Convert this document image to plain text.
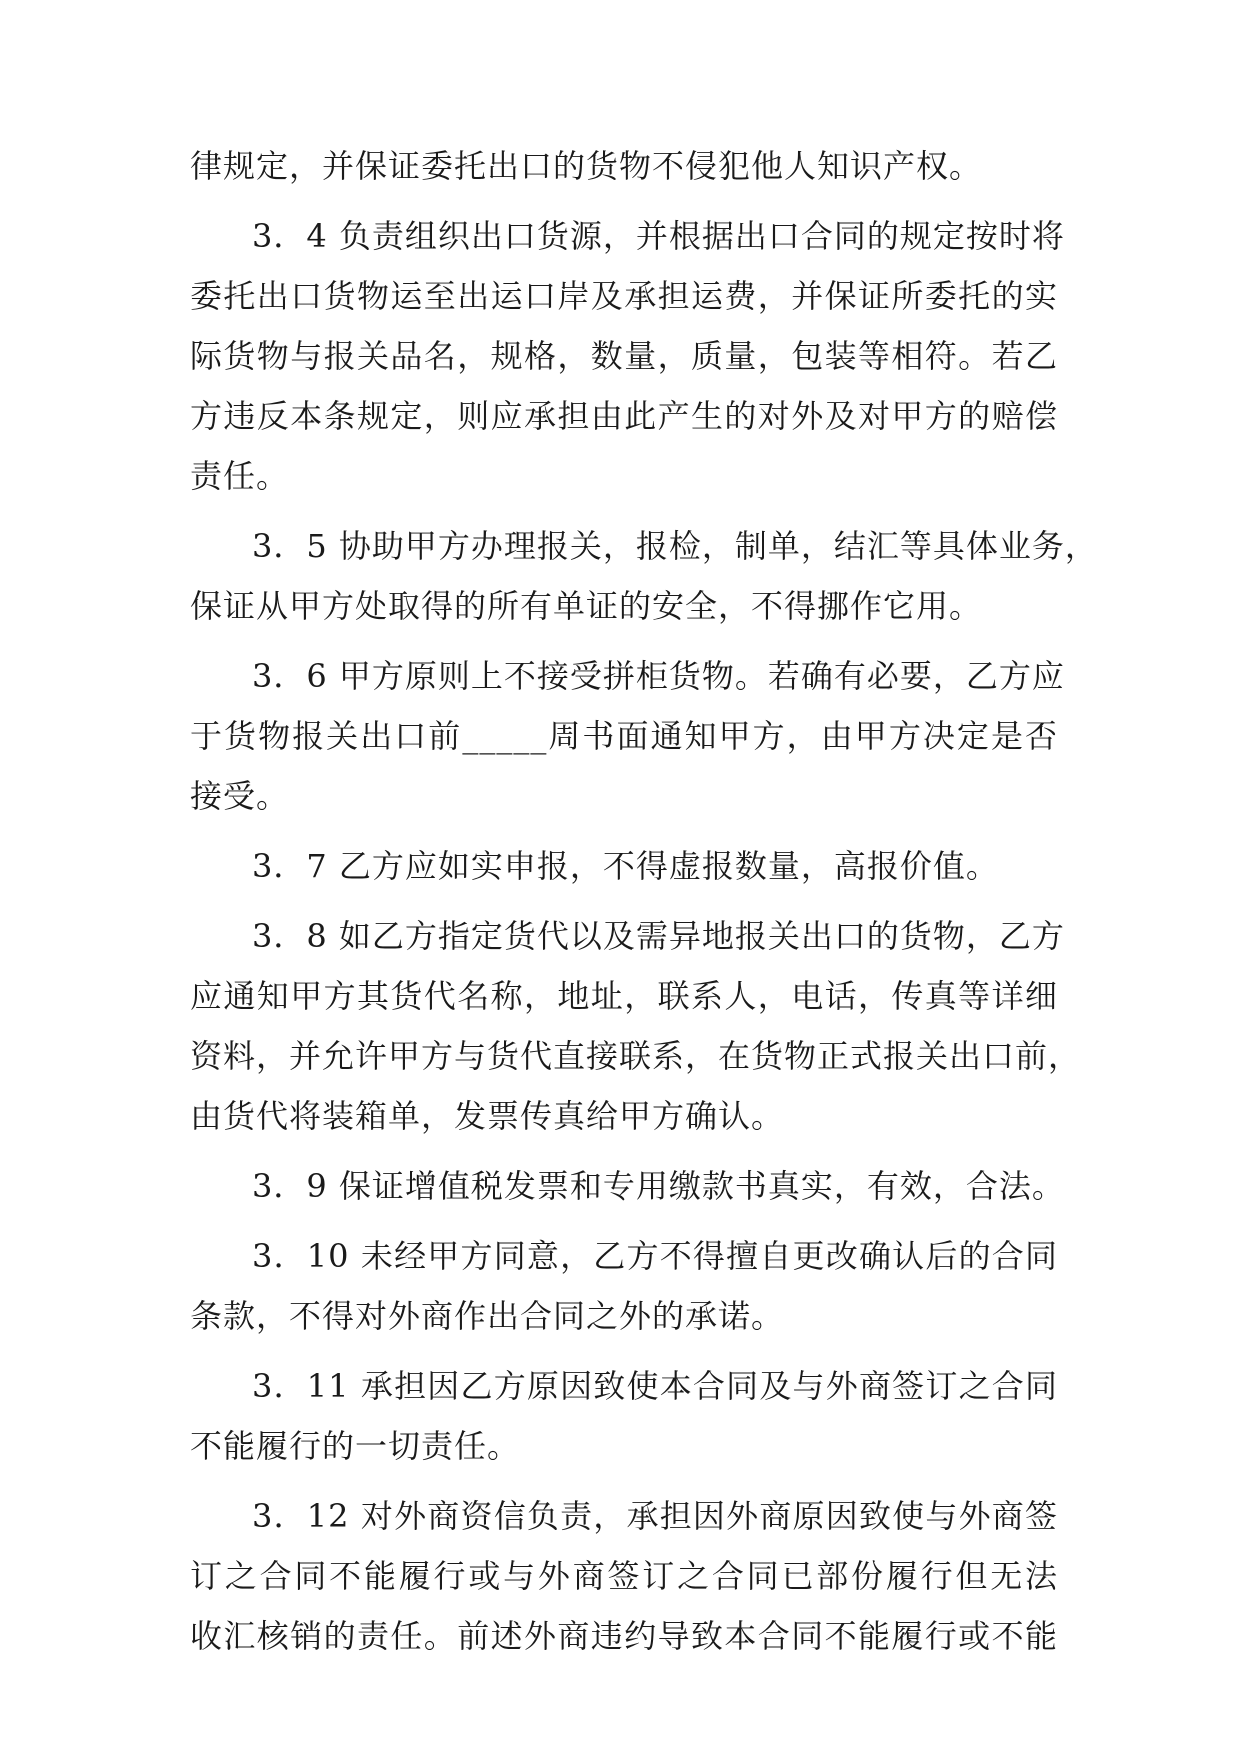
律规定，并保证委托出口的货物不侵犯他人知识产权。
3．4 负责组织出口货源，并根据出口合同的规定按时将
委托出口货物运至出运口岸及承担运费，并保证所委托的实
际货物与报关品名，规格，数量，质量，包装等相符。若乙
方违反本条规定，则应承担由此产生的对外及对甲方的赔偿
责任。
3．5 协助甲方办理报关，报检，制单，结汇等具体业务，
保证从甲方处取得的所有单证的安全，不得挪作它用。
3．6 甲方原则上不接受拼柜货物。若确有必要，乙方应
于货物报关出口前_____周书面通知甲方，由甲方决定是否
接受。
3．7 乙方应如实申报，不得虚报数量，高报价值。
3．8 如乙方指定货代以及需异地报关出口的货物，乙方
应通知甲方其货代名称，地址，联系人，电话，传真等详细
资料，并允许甲方与货代直接联系，在货物正式报关出口前，
由货代将装箱单，发票传真给甲方确认。
3．9 保证增值税发票和专用缴款书真实，有效，合法。
3．10 未经甲方同意，乙方不得擅自更改确认后的合同
条款，不得对外商作出合同之外的承诺。
3．11 承担因乙方原因致使本合同及与外商签订之合同
不能履行的一切责任。
3．12 对外商资信负责，承担因外商原因致使与外商签
订之合同不能履行或与外商签订之合同已部份履行但无法
收汇核销的责任。前述外商违约导致本合同不能履行或不能
